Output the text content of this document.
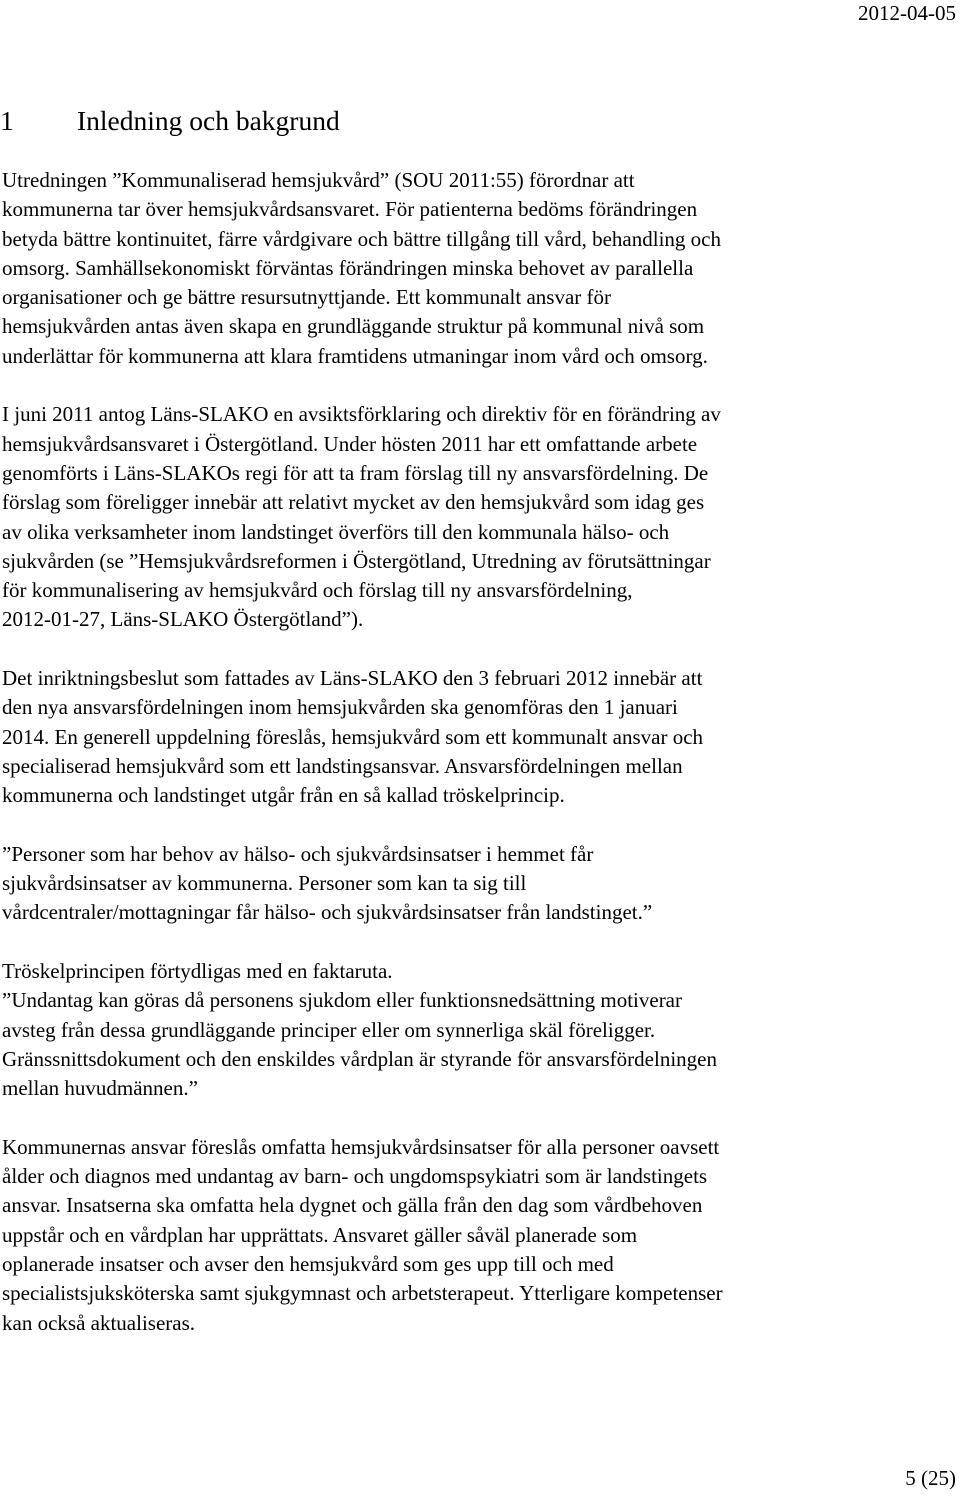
2012-04-05
1 Inledning och bakgrund
Utredningen ”Kommunaliserad hemsjukvård” (SOU 2011:55) förordnar att
kommunerna tar över hemsjukvårdsansvaret. För patienterna bedöms förändringen
betyda bättre kontinuitet, färre vårdgivare och bättre tillgång till vård, behandling och
omsorg. Samhällsekonomiskt förväntas förändringen minska behovet av parallella
organisationer och ge bättre resursutnyttjande. Ett kommunalt ansvar för
hemsjukvården antas även skapa en grundläggande struktur på kommunal nivå som
underlättar för kommunerna att klara framtidens utmaningar inom vård och omsorg.
I juni 2011 antog Läns-SLAKO en avsiktsförklaring och direktiv för en förändring av
hemsjukvårdsansvaret i Östergötland. Under hösten 2011 har ett omfattande arbete
genomförts i Läns-SLAKOs regi för att ta fram förslag till ny ansvarsfördelning. De
förslag som föreligger innebär att relativt mycket av den hemsjukvård som idag ges
av olika verksamheter inom landstinget överförs till den kommunala hälso- och
sjukvården (se ”Hemsjukvårdsreformen i Östergötland, Utredning av förutsättningar
för kommunalisering av hemsjukvård och förslag till ny ansvarsfördelning,
2012-01-27, Läns-SLAKO Östergötland”).
Det inriktningsbeslut som fattades av Läns-SLAKO den 3 februari 2012 innebär att
den nya ansvarsfördelningen inom hemsjukvården ska genomföras den 1 januari
2014. En generell uppdelning föreslås, hemsjukvård som ett kommunalt ansvar och
specialiserad hemsjukvård som ett landstingsansvar. Ansvarsfördelningen mellan
kommunerna och landstinget utgår från en så kallad tröskelprincip.
”Personer som har behov av hälso- och sjukvårdsinsatser i hemmet får
sjukvårdsinsatser av kommunerna. Personer som kan ta sig till
vårdcentraler/mottagningar får hälso- och sjukvårdsinsatser från landstinget.”
Tröskelprincipen förtydligas med en faktaruta.
”Undantag kan göras då personens sjukdom eller funktionsnedsättning motiverar
avsteg från dessa grundläggande principer eller om synnerliga skäl föreligger.
Gränssnittsdokument och den enskildes vårdplan är styrande för ansvarsfördelningen
mellan huvudmännen.”
Kommunernas ansvar föreslås omfatta hemsjukvårdsinsatser för alla personer oavsett
ålder och diagnos med undantag av barn- och ungdomspsykiatri som är landstingets
ansvar. Insatserna ska omfatta hela dygnet och gälla från den dag som vårdbehoven
uppstår och en vårdplan har upprättats. Ansvaret gäller såväl planerade som
oplanerade insatser och avser den hemsjukvård som ges upp till och med
specialistsjuksköterska samt sjukgymnast och arbetsterapeut. Ytterligare kompetenser
kan också aktualiseras.
5 (25)
